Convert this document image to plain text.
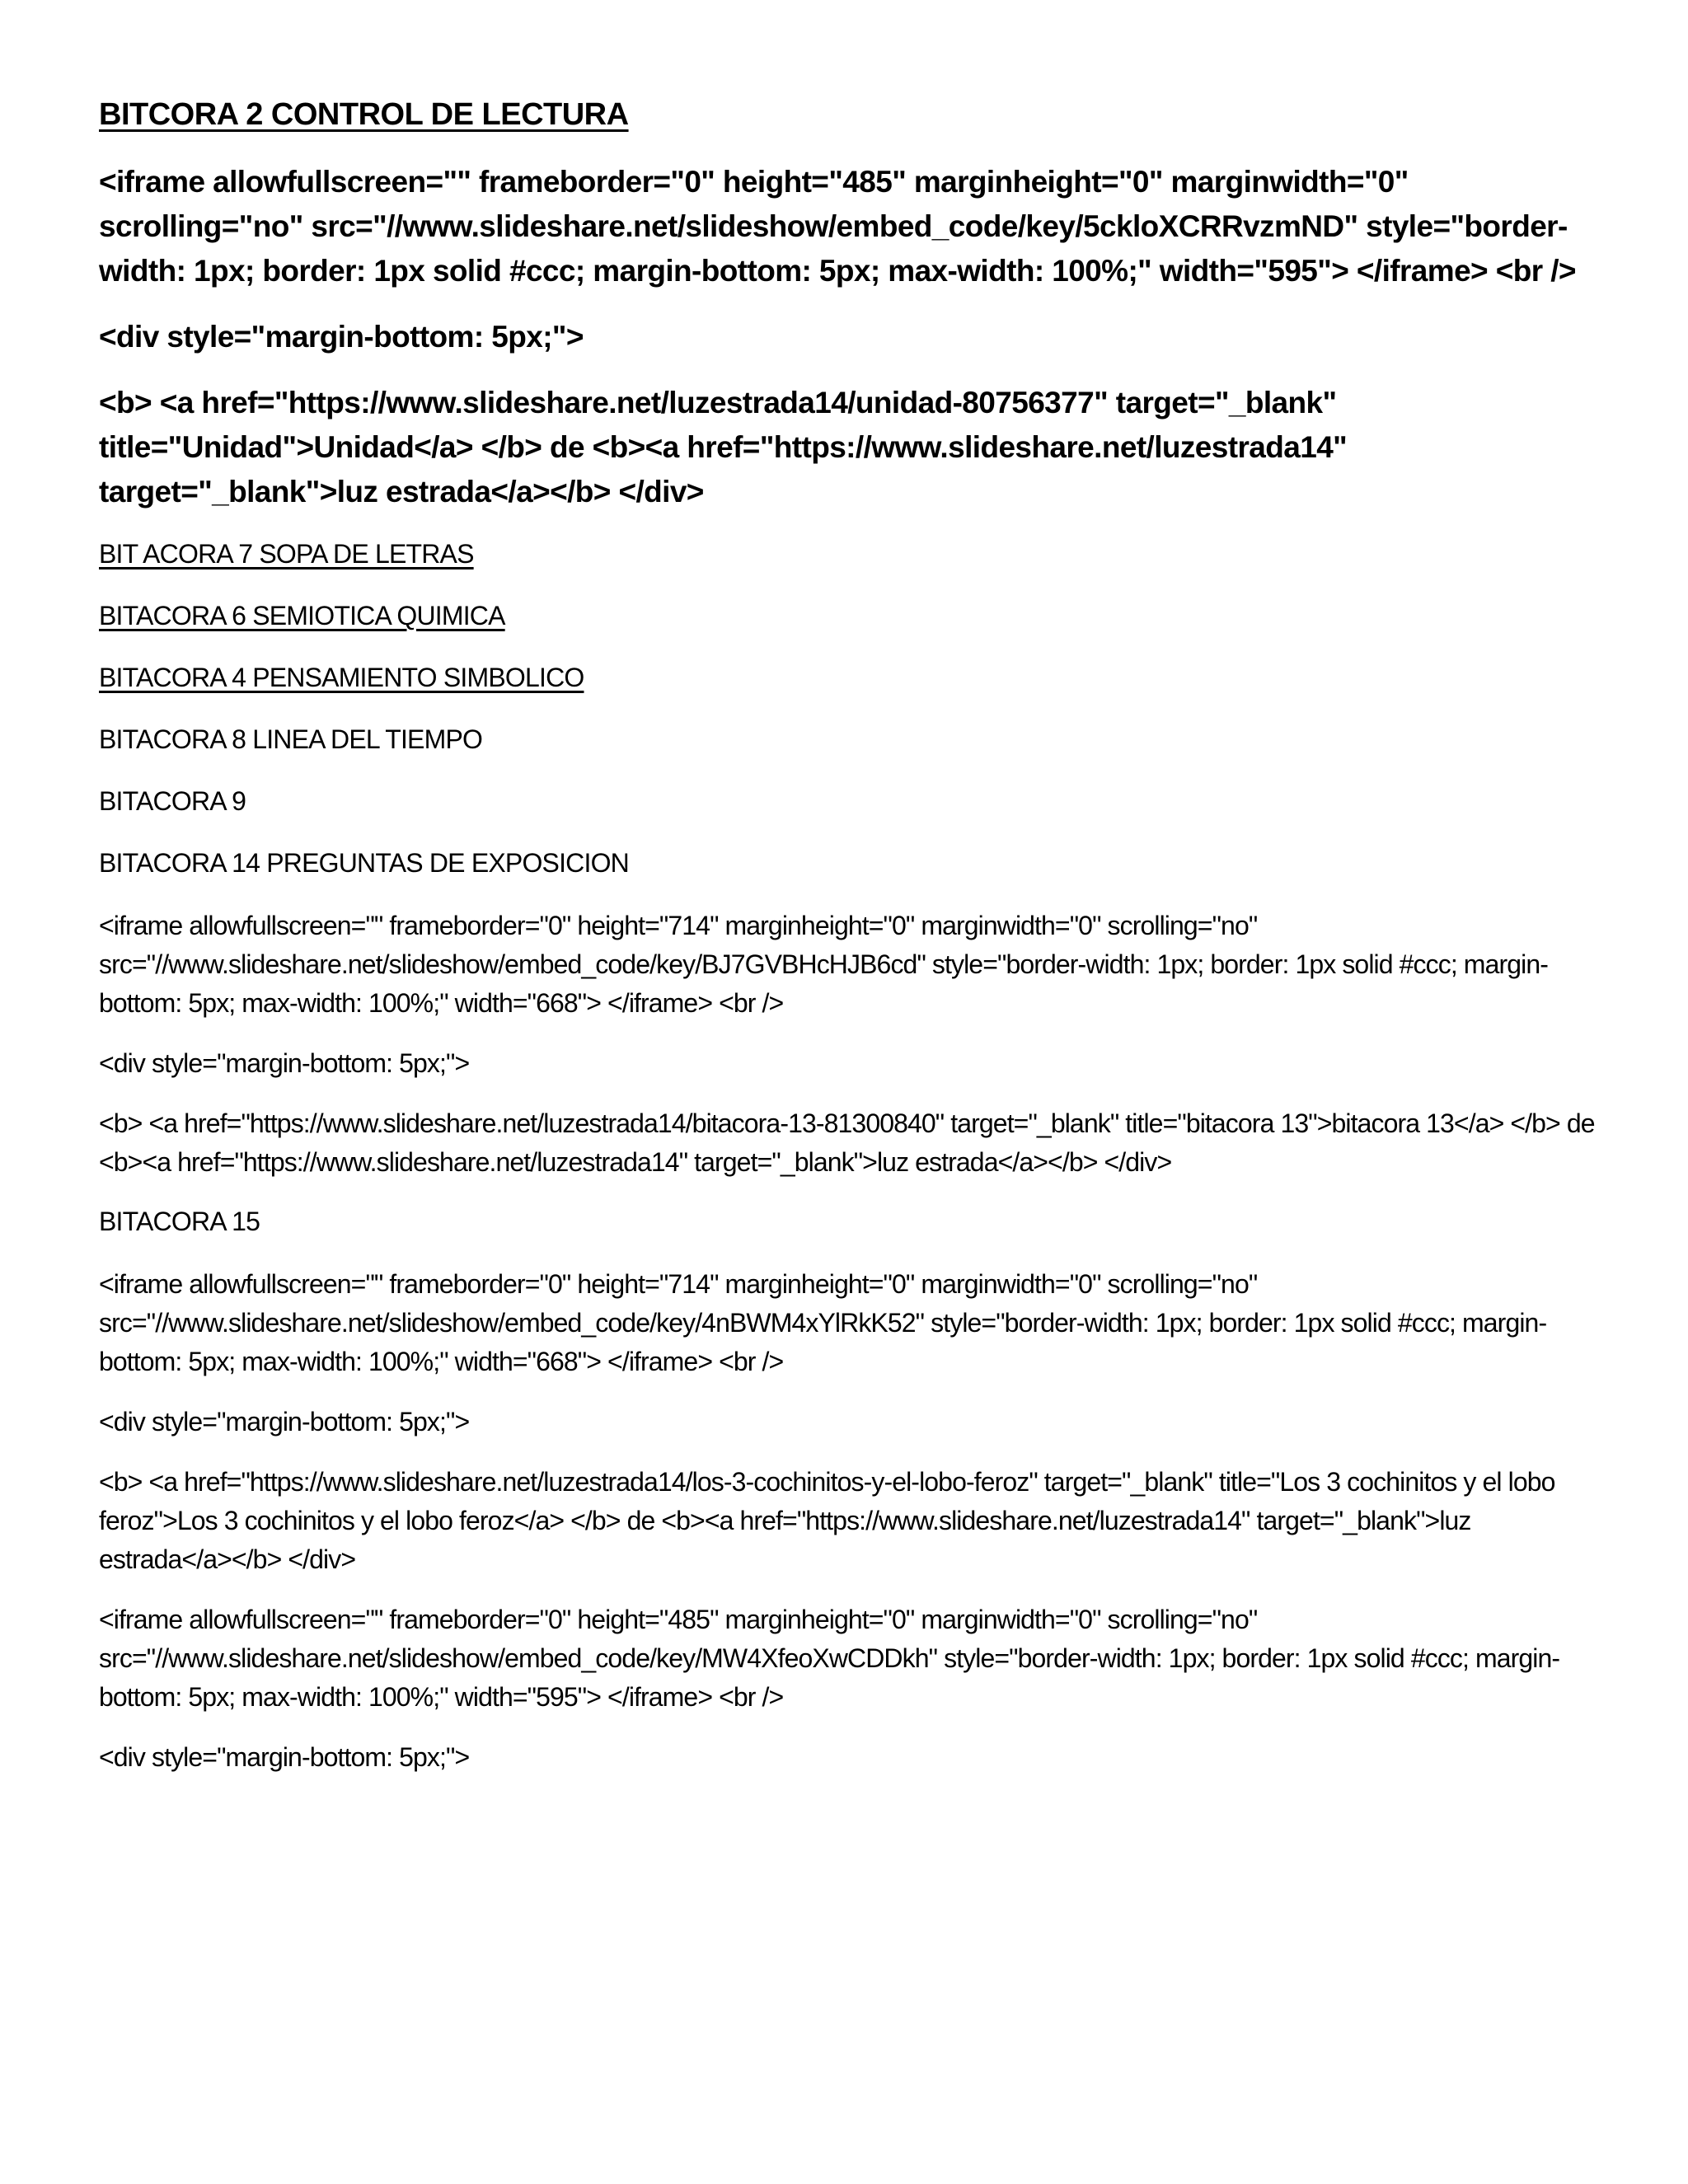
BITCORA 2 CONTROL DE LECTURA
<iframe allowfullscreen="" frameborder="0" height="485" marginheight="0" marginwidth="0" scrolling="no" src="//www.slideshare.net/slideshow/embed_code/key/5ckloXCRRvzmND" style="border-width: 1px; border: 1px solid #ccc; margin-bottom: 5px; max-width: 100%;" width="595"> </iframe> <br />
<div style="margin-bottom: 5px;">
<b> <a href="https://www.slideshare.net/luzestrada14/unidad-80756377" target="_blank" title="Unidad">Unidad</a> </b> de <b><a href="https://www.slideshare.net/luzestrada14" target="_blank">luz estrada</a></b> </div>
BIT ACORA 7 SOPA DE LETRAS
BITACORA 6 SEMIOTICA QUIMICA
BITACORA 4 PENSAMIENTO SIMBOLICO
BITACORA 8 LINEA DEL TIEMPO
BITACORA 9
BITACORA 14 PREGUNTAS DE EXPOSICION
<iframe allowfullscreen="" frameborder="0" height="714" marginheight="0" marginwidth="0" scrolling="no" src="//www.slideshare.net/slideshow/embed_code/key/BJ7GVBHcHJB6cd" style="border-width: 1px; border: 1px solid #ccc; margin-bottom: 5px; max-width: 100%;" width="668"> </iframe> <br />
<div style="margin-bottom: 5px;">
<b> <a href="https://www.slideshare.net/luzestrada14/bitacora-13-81300840" target="_blank" title="bitacora 13">bitacora 13</a> </b> de <b><a href="https://www.slideshare.net/luzestrada14" target="_blank">luz estrada</a></b> </div>
BITACORA 15
<iframe allowfullscreen="" frameborder="0" height="714" marginheight="0" marginwidth="0" scrolling="no" src="//www.slideshare.net/slideshow/embed_code/key/4nBWM4xYlRkK52" style="border-width: 1px; border: 1px solid #ccc; margin-bottom: 5px; max-width: 100%;" width="668"> </iframe> <br />
<div style="margin-bottom: 5px;">
<b> <a href="https://www.slideshare.net/luzestrada14/los-3-cochinitos-y-el-lobo-feroz" target="_blank" title="Los 3 cochinitos y el lobo feroz">Los 3 cochinitos y el lobo feroz</a> </b> de <b><a href="https://www.slideshare.net/luzestrada14" target="_blank">luz estrada</a></b> </div>
<iframe allowfullscreen="" frameborder="0" height="485" marginheight="0" marginwidth="0" scrolling="no" src="//www.slideshare.net/slideshow/embed_code/key/MW4XfeoXwCDDkh" style="border-width: 1px; border: 1px solid #ccc; margin-bottom: 5px; max-width: 100%;" width="595"> </iframe> <br />
<div style="margin-bottom: 5px;">
